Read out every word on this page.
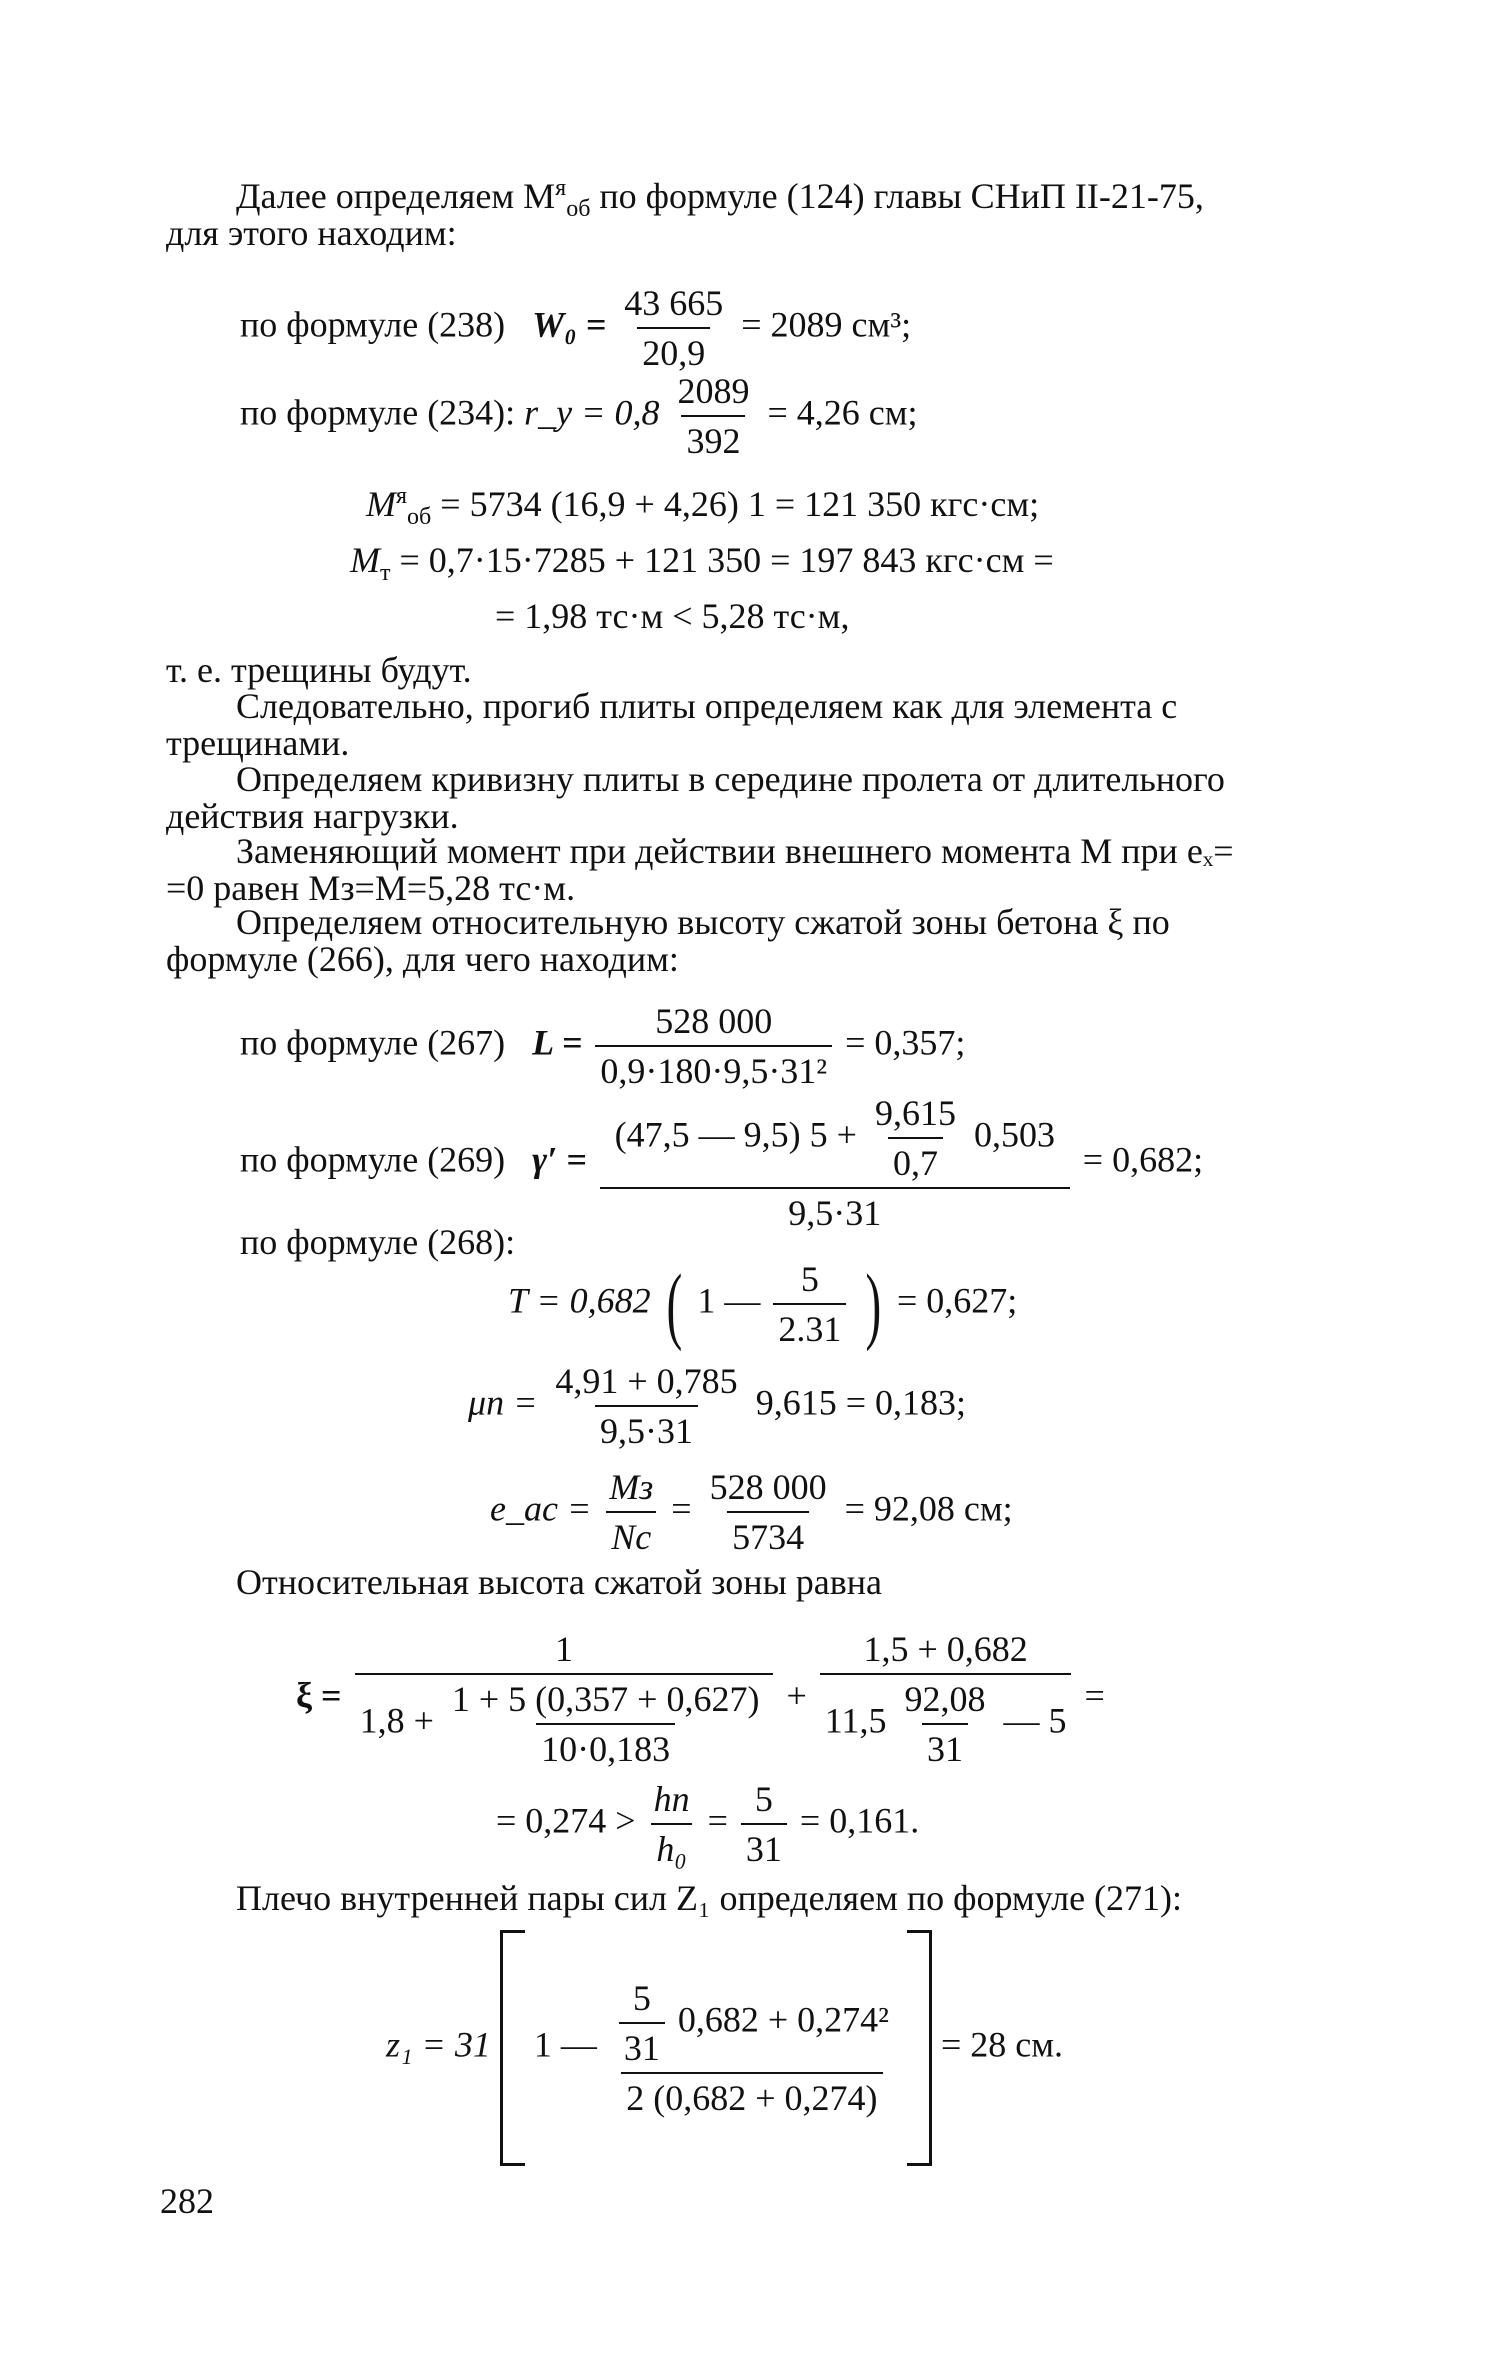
Далее определяем $M^я_{об}$ по формуле (124) главы СНиП II-21-75,
для этого находим:
по формуле (238) $W_0 = \frac{43 665}{20,9} = 2089$ см³;
по формуле (234): r_y = $0,8 \frac{2089}{392} = 4,26$ см;
$M^я_{об} = 5734$ (16,9 + 4,26) 1 = 121 350 кгс·см;
$M_т = 0,7\cdot 15\cdot 7285 + 121$ 350 = 197 843 кгс·см =
= 1,98 тс·м < 5,28 тс·м,
т. е. трещины будут.
Следовательно, прогиб плиты определяем как для элемента с
трещинами.
Определяем кривизну плиты в середине пролета от длительного
действия нагрузки.
Заменяющий момент при действии внешнего момента M при eₓ=
=0 равен Mз=M=5,28 тс·м.
Определяем относительную высоту сжатой зоны бетона ξ по
формуле (266), для чего находим:
по формуле (267) $L = \frac{528 000}{\text{0,9·180·9,5·31²}} = 0,357$;
по формуле (269) $\gamma' = \frac{(47,5 — 9,5) 5 + \frac{9,615}{0,7} 0,503}{9,5\cdot 31} = 0,682$;
по формуле (268):
T = 0,682 ( 1 — $\frac{5}{2.31}$ ) = 0,627;
$\mu n = \frac{4,91 + 0,785}{9,5\cdot 31} 9,615 = 0,183$;
e_ac =
Mз
Nc
= $\frac{528 000}{5734} = 92,08$ см;
Относительная высота сжатой зоны равна
$\xi = \frac{1}{1,8 + \frac{1 + 5 (0,357 + 0,627)}{10\cdot 0,183}} + \frac{1,5 + 0,682}{11,5 \frac{92,08}{31} — 5}$ =
= 0,274 >
hп
h₀
= $\frac{5}{31} = 0,161$.
Плечо внутренней пары сил Z₁ определяем по формуле (271):
z₁ = 31 1 — $\frac{\frac{5}{31} 0,682 + 0,274^2}{2 (0,682 + 0,274)} = 28$ см.
282
